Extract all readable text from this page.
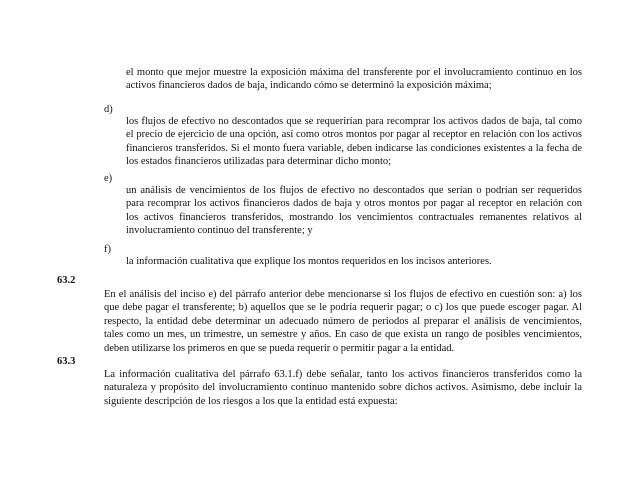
el monto que mejor muestre la exposición máxima del transferente por el involucramiento continuo en los activos financieros dados de baja, indicando cómo se determinó la exposición máxima;
d)
los flujos de efectivo no descontados que se requerirían para recomprar los activos dados de baja, tal como el precio de ejercicio de una opción, así como otros montos por pagar al receptor en relación con los activos financieros transferidos. Si el monto fuera variable, deben indicarse las condiciones existentes a la fecha de los estados financieros utilizadas para determinar dicho monto;
e)
un análisis de vencimientos de los flujos de efectivo no descontados que serían o podrían ser requeridos para recomprar los activos financieros dados de baja y otros montos por pagar al receptor en relación con los activos financieros transferidos, mostrando los vencimientos contractuales remanentes relativos al involucramiento continuo del transferente; y
f)
la información cualitativa que explique los montos requeridos en los incisos anteriores.
63.2
En el análisis del inciso e) del párrafo anterior debe mencionarse si los flujos de efectivo en cuestión son: a) los que debe pagar el transferente; b) aquellos que se le podría requerir pagar; o c) los que puede escoger pagar. Al respecto, la entidad debe determinar un adecuado número de periodos al preparar el análisis de vencimientos, tales como un mes, un trimestre, un semestre y años. En caso de que exista un rango de posibles vencimientos, deben utilizarse los primeros en que se pueda requerir o permitir pagar a la entidad.
63.3
La información cualitativa del párrafo 63.1.f) debe señalar, tanto los activos financieros transferidos como la naturaleza y propósito del involucramiento continuo mantenido sobre dichos activos. Asimismo, debe incluir la siguiente descripción de los riesgos a los que la entidad está expuesta:
